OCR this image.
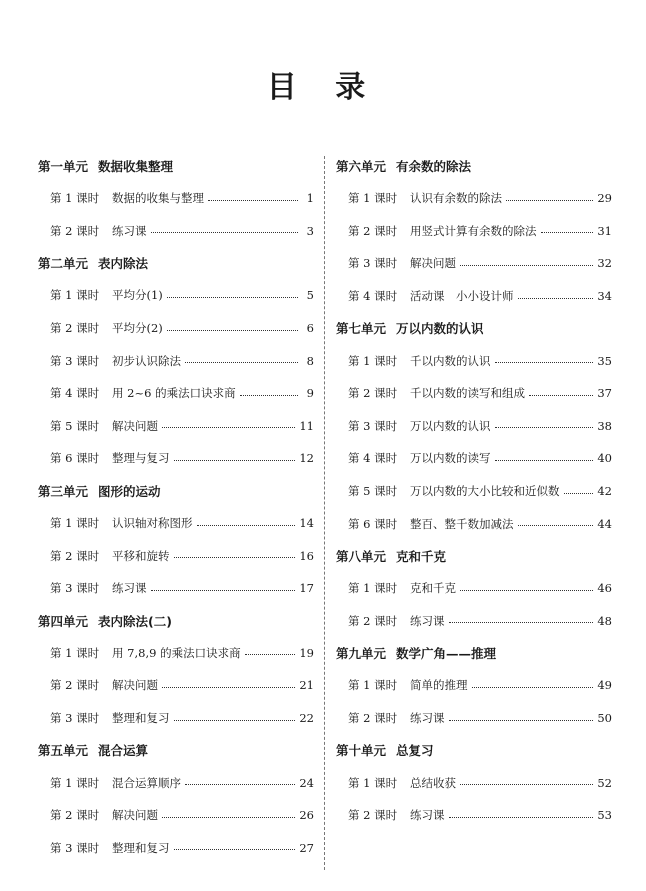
目 录
第一单元 数据收集整理
第 1 课时	数据的收集与整理	1
第 2 课时	练习课	3
第二单元 表内除法
第 1 课时	平均分(1)	5
第 2 课时	平均分(2)	6
第 3 课时	初步认识除法	8
第 4 课时	用 2~6 的乘法口诀求商	9
第 5 课时	解决问题	11
第 6 课时	整理与复习	12
第三单元 图形的运动
第 1 课时	认识轴对称图形	14
第 2 课时	平移和旋转	16
第 3 课时	练习课	17
第四单元 表内除法(二)
第 1 课时	用 7,8,9 的乘法口诀求商	19
第 2 课时	解决问题	21
第 3 课时	整理和复习	22
第五单元 混合运算
第 1 课时	混合运算顺序	24
第 2 课时	解决问题	26
第 3 课时	整理和复习	27
第六单元 有余数的除法
第 1 课时	认识有余数的除法	29
第 2 课时	用竖式计算有余数的除法	31
第 3 课时	解决问题	32
第 4 课时	活动课　小小设计师	34
第七单元 万以内数的认识
第 1 课时	千以内数的认识	35
第 2 课时	千以内数的读写和组成	37
第 3 课时	万以内数的认识	38
第 4 课时	万以内数的读写	40
第 5 课时	万以内数的大小比较和近似数	42
第 6 课时	整百、整千数加减法	44
第八单元 克和千克
第 1 课时	克和千克	46
第 2 课时	练习课	48
第九单元 数学广角——推理
第 1 课时	简单的推理	49
第 2 课时	练习课	50
第十单元 总复习
第 1 课时	总结收获	52
第 2 课时	练习课	53
